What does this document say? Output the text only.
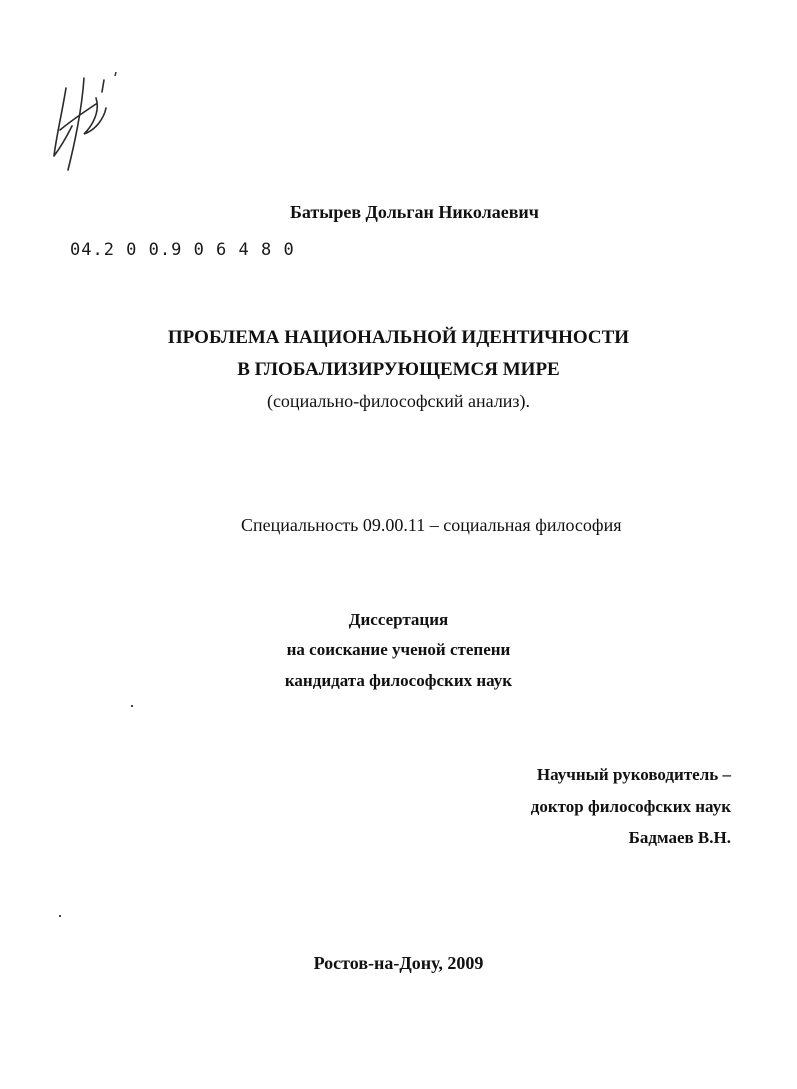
04.2 0 0.9 0 6 4 8 0
Батырев Дольган Николаевич
ПРОБЛЕМА НАЦИОНАЛЬНОЙ ИДЕНТИЧНОСТИ
В ГЛОБАЛИЗИРУЮЩЕМСЯ МИРЕ
(социально-философский анализ).
Специальность 09.00.11 – социальная философия
Диссертация
на соискание ученой степени
кандидата философских наук
Научный руководитель –
доктор философских наук
Бадмаев В.Н.
Ростов-на-Дону, 2009
